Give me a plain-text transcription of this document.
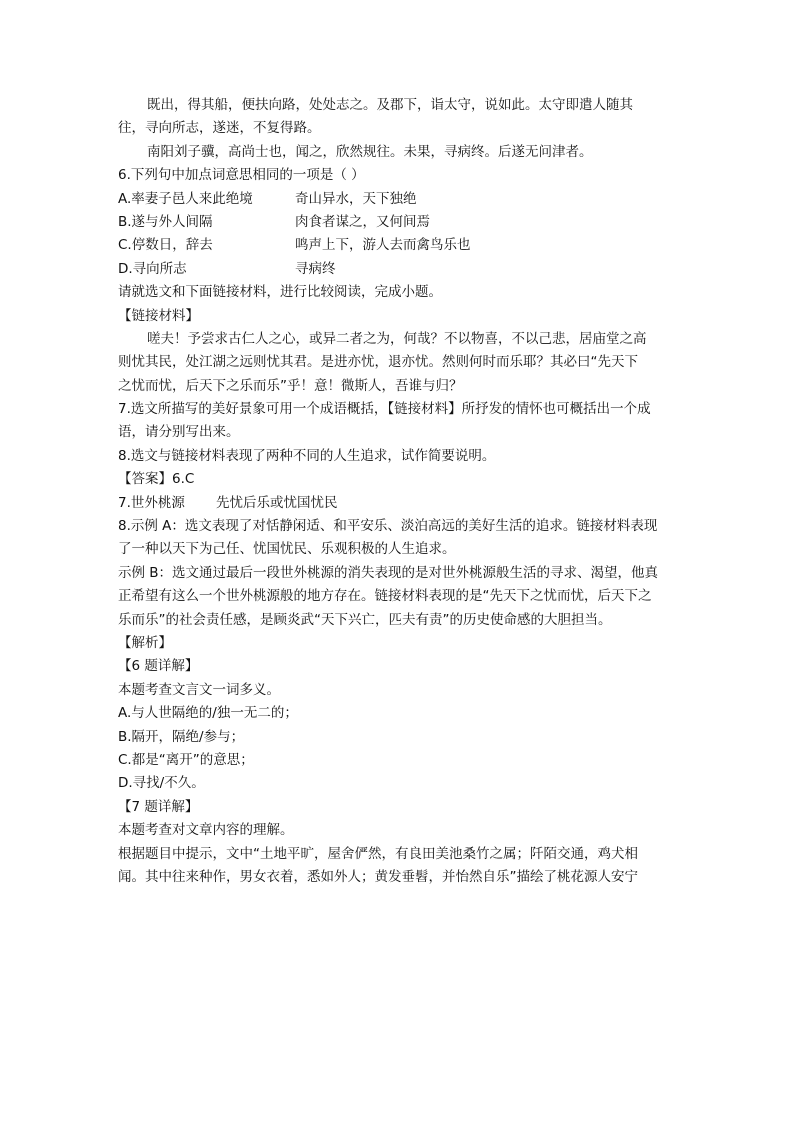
既出，得其船，便扶向路，处处志之。及郡下，诣太守，说如此。太守即遣人随其
往，寻向所志，遂迷，不复得路。
南阳刘子骥，高尚士也，闻之，欣然规往。未果，寻病终。后遂无问津者。
6.下列句中加点词意思相同的一项是（ ）
A.率妻子邑人来此绝境	奇山异水，天下独绝
B.遂与外人间隔	肉食者谋之，又何间焉
C.停数日，辞去	鸣声上下，游人去而禽鸟乐也
D.寻向所志	寻病终
请就选文和下面链接材料，进行比较阅读，完成小题。
【链接材料】
嗟夫！予尝求古仁人之心，或异二者之为，何哉？不以物喜，不以己悲，居庙堂之高
则忧其民，处江湖之远则忧其君。是进亦忧，退亦忧。然则何时而乐耶？其必曰“先天下
之忧而忧，后天下之乐而乐”乎！意！微斯人，吾谁与归？
7.选文所描写的美好景象可用一个成语概括，【链接材料】所抒发的情怀也可概括出一个成
语，请分别写出来。
8.选文与链接材料表现了两种不同的人生追求，试作简要说明。
【答案】6.C
7.世外桃源	先忧后乐或忧国忧民
8.示例 A：选文表现了对恬静闲适、和平安乐、淡泊高远的美好生活的追求。链接材料表现
了一种以天下为己任、忧国忧民、乐观积极的人生追求。
示例 B：选文通过最后一段世外桃源的消失表现的是对世外桃源般生活的寻求、渴望，他真
正希望有这么一个世外桃源般的地方存在。链接材料表现的是“先天下之忧而忧，后天下之
乐而乐”的社会责任感，是顾炎武“天下兴亡，匹夫有责”的历史使命感的大胆担当。
【解析】
【6 题详解】
本题考查文言文一词多义。
A.与人世隔绝的/独一无二的；
B.隔开，隔绝/参与；
C.都是“离开”的意思；
D.寻找/不久。
【7 题详解】
本题考查对文章内容的理解。
根据题目中提示，文中“土地平旷，屋舍俨然，有良田美池桑竹之属；阡陌交通，鸡犬相
闻。其中往来种作，男女衣着，悉如外人；黄发垂髫，并怡然自乐”描绘了桃花源人安宁
